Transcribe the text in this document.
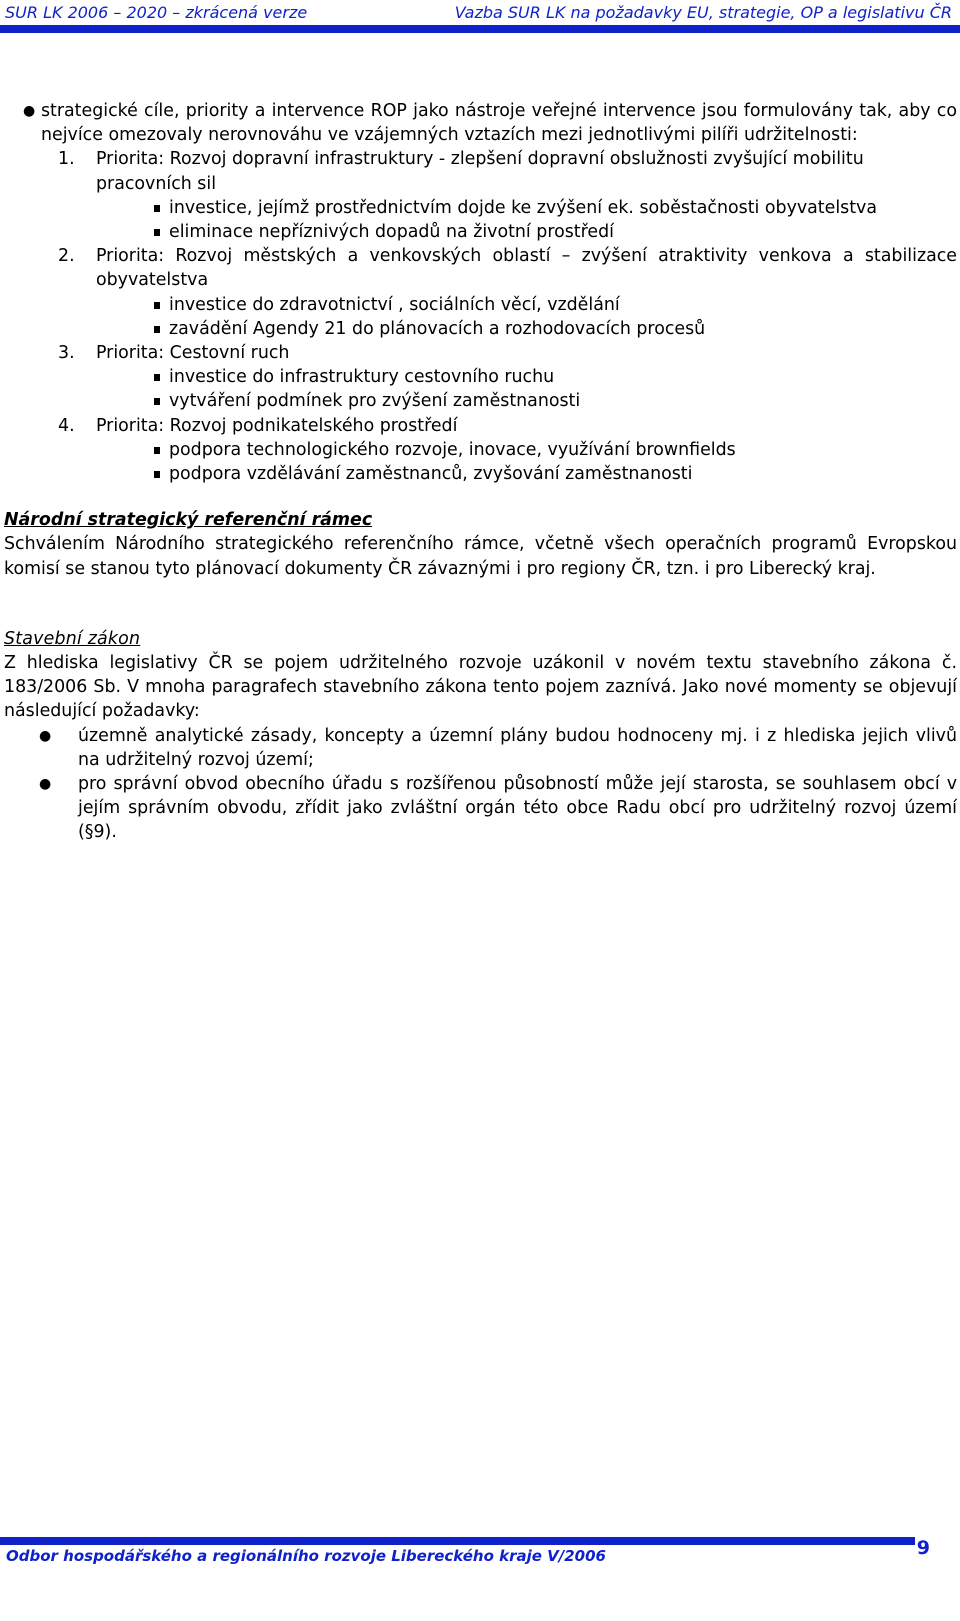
SUR LK 2006 – 2020 – zkrácená verze	Vazba SUR LK na požadavky EU, strategie, OP a legislativu ČR
● strategické cíle, priority a intervence ROP jako nástroje veřejné intervence jsou formulovány tak, aby co nejvíce omezovaly nerovnováhu ve vzájemných vztazích mezi jednotlivými pilíři udržitelnosti:

1.	Priorita: Rozvoj dopravní infrastruktury - zlepšení dopravní obslužnosti zvyšující mobilitu pracovních sil

investice, jejímž prostřednictvím dojde ke zvýšení ek. soběstačnosti obyvatelstva
eliminace nepříznivých dopadů na životní prostředí
2.	Priorita: Rozvoj městských a venkovských oblastí – zvýšení atraktivity venkova a stabilizace obyvatelstva

investice do zdravotnictví , sociálních věcí, vzdělání
zavádění Agendy 21 do plánovacích a rozhodovacích procesů
3.	Priorita: Cestovní ruch

investice do infrastruktury cestovního ruchu
vytváření podmínek pro zvýšení zaměstnanosti
4.	Priorita: Rozvoj podnikatelského prostředí

podpora technologického rozvoje, inovace, využívání brownfields
podpora vzdělávání zaměstnanců, zvyšování zaměstnanosti

Národní strategický referenční rámec

Schválením Národního strategického referenčního rámce, včetně všech operačních programů Evropskou komisí se stanou tyto plánovací dokumenty ČR závaznými i pro regiony ČR, tzn. i pro Liberecký kraj.

Stavební zákon

Z hlediska legislativy ČR se pojem udržitelného rozvoje uzákonil v novém textu stavebního zákona č. 183/2006 Sb. V mnoha paragrafech stavebního zákona tento pojem zaznívá. Jako nové momenty se objevují následující požadavky:

● územně analytické zásady, koncepty a územní plány budou hodnoceny mj. i z hlediska jejich vlivů na udržitelný rozvoj území;

● pro správní obvod obecního úřadu s rozšířenou působností může její starosta, se souhlasem obcí v jejím správním obvodu, zřídit jako zvláštní orgán této obce Radu obcí pro udržitelný rozvoj území (§9).

Odbor hospodářského a regionálního rozvoje Libereckého kraje V/2006	9
